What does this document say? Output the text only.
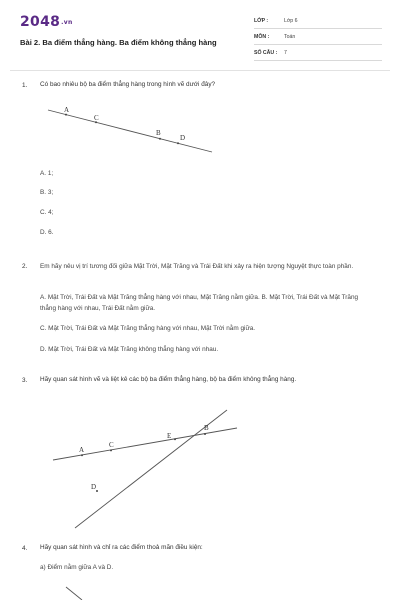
2048.vn
Bài 2. Ba điểm thẳng hàng. Ba điểm không thẳng hàng
LỚP :	Lớp 6
MÔN :	Toán
SỐ CÂU : 7
1. Có bao nhiêu bộ ba điểm thẳng hàng trong hình vẽ dưới đây?
A
C
B
D
A. 1;
B. 3;
C. 4;
D. 6.
2. Em hãy nêu vị trí tương đối giữa Mặt Trời, Mặt Trăng và Trái Đất khi xảy ra hiện tượng Nguyệt thực toàn phần.
A. Mặt Trời, Trái Đất và Mặt Trăng thẳng hàng với nhau, Mặt Trăng nằm giữa. B. Mặt Trời, Trái Đất và Mặt Trăng thẳng hàng với nhau, Trái Đất nằm giữa.
C. Mặt Trời, Trái Đất và Mặt Trăng thẳng hàng với nhau, Mặt Trời nằm giữa.
D. Mặt Trời, Trái Đất và Mặt Trăng không thẳng hàng với nhau.
3. Hãy quan sát hình vẽ và liệt kê các bộ ba điểm thẳng hàng, bộ ba điểm không thẳng hàng.
A
C
E
B
D
4. Hãy quan sát hình và chỉ ra các điểm thoả mãn điều kiện:
a) Điểm nằm giữa A và D.
